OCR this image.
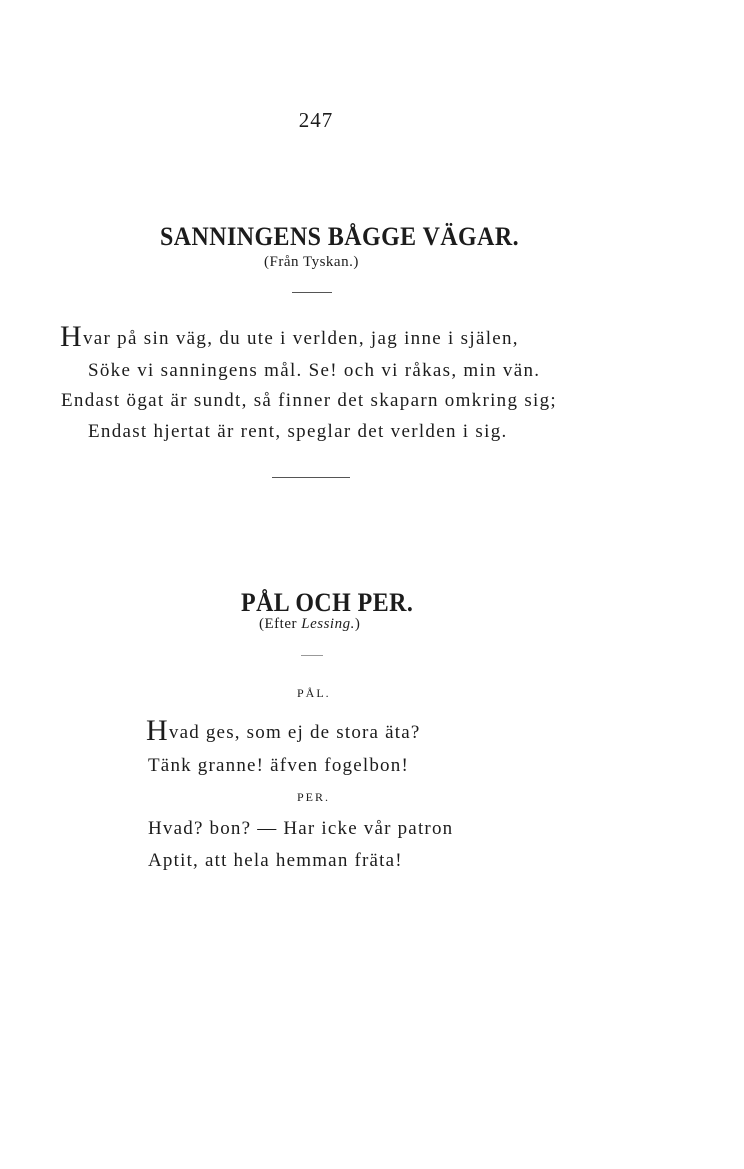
247
SANNINGENS BÅGGE VÄGAR.
(Från Tyskan.)
Hvar på sin väg, du ute i verlden, jag inne i själen,
Söke vi sanningens mål. Se! och vi råkas, min vän.
Endast ögat är sundt, så finner det skaparn omkring sig;
Endast hjertat är rent, speglar det verlden i sig.
PÅL OCH PER.
(Efter Lessing.)
PÅL.
Hvad ges, som ej de stora äta?
Tänk granne! äfven fogelbon!
PER.
Hvad? bon? — Har icke vår patron
Aptit, att hela hemman fräta!
